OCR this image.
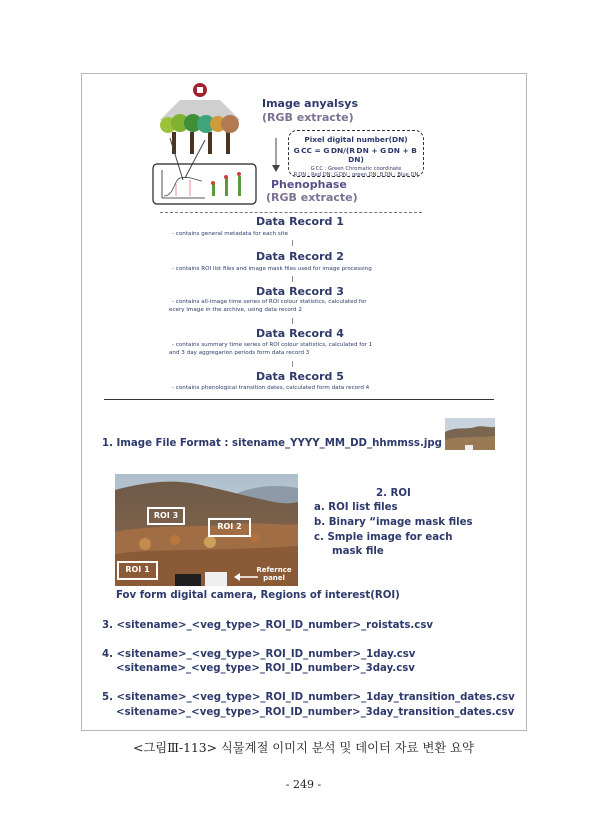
Image anyalsys
(RGB extracte)
Pixel digital number(DN)
G CC = G DN/(R DN + G DN + B DN)
G CC : Green Chromatic coordinate
R DN : Red DN; G DN : green DN; B DN : Blue DN
Phenophase
(RGB extracte)
Data Record 1
- contains general metadata for each site
Data Record 2
- contains ROI list files and image mask files used for image processing
Data Record 3
- contains all-image time series of ROI colour statistics, calculated for
ecery image in the archive, using data record 2
Data Record 4
- contains summary time series of ROI colour statistics, calculated for 1
and 3 day aggregarion periods form data record 3
Data Record 5
- contains phenological transition dates, calculated form data record 4
1. Image File Format : sitename_YYYY_MM_DD_hhmmss.jpg
ROI 3
ROI 2
ROI 1	Refernce
panel
2. ROI
a. ROI list files
b. Binary “image mask files
c. Smple image for each
mask file
Fov form digital camera, Regions of interest(ROI)
3. <sitename>_<veg_type>_ROI_ID_number>_roistats.csv
4. <sitename>_<veg_type>_ROI_ID_number>_1day.csv
<sitename>_<veg_type>_ROI_ID_number>_3day.csv
5. <sitename>_<veg_type>_ROI_ID_number>_1day_transition_dates.csv
<sitename>_<veg_type>_ROI_ID_number>_3day_transition_dates.csv
<그림Ⅲ-113> 식물계절 이미지 분석 및 데이터 자료 변환 요약
- 249 -
